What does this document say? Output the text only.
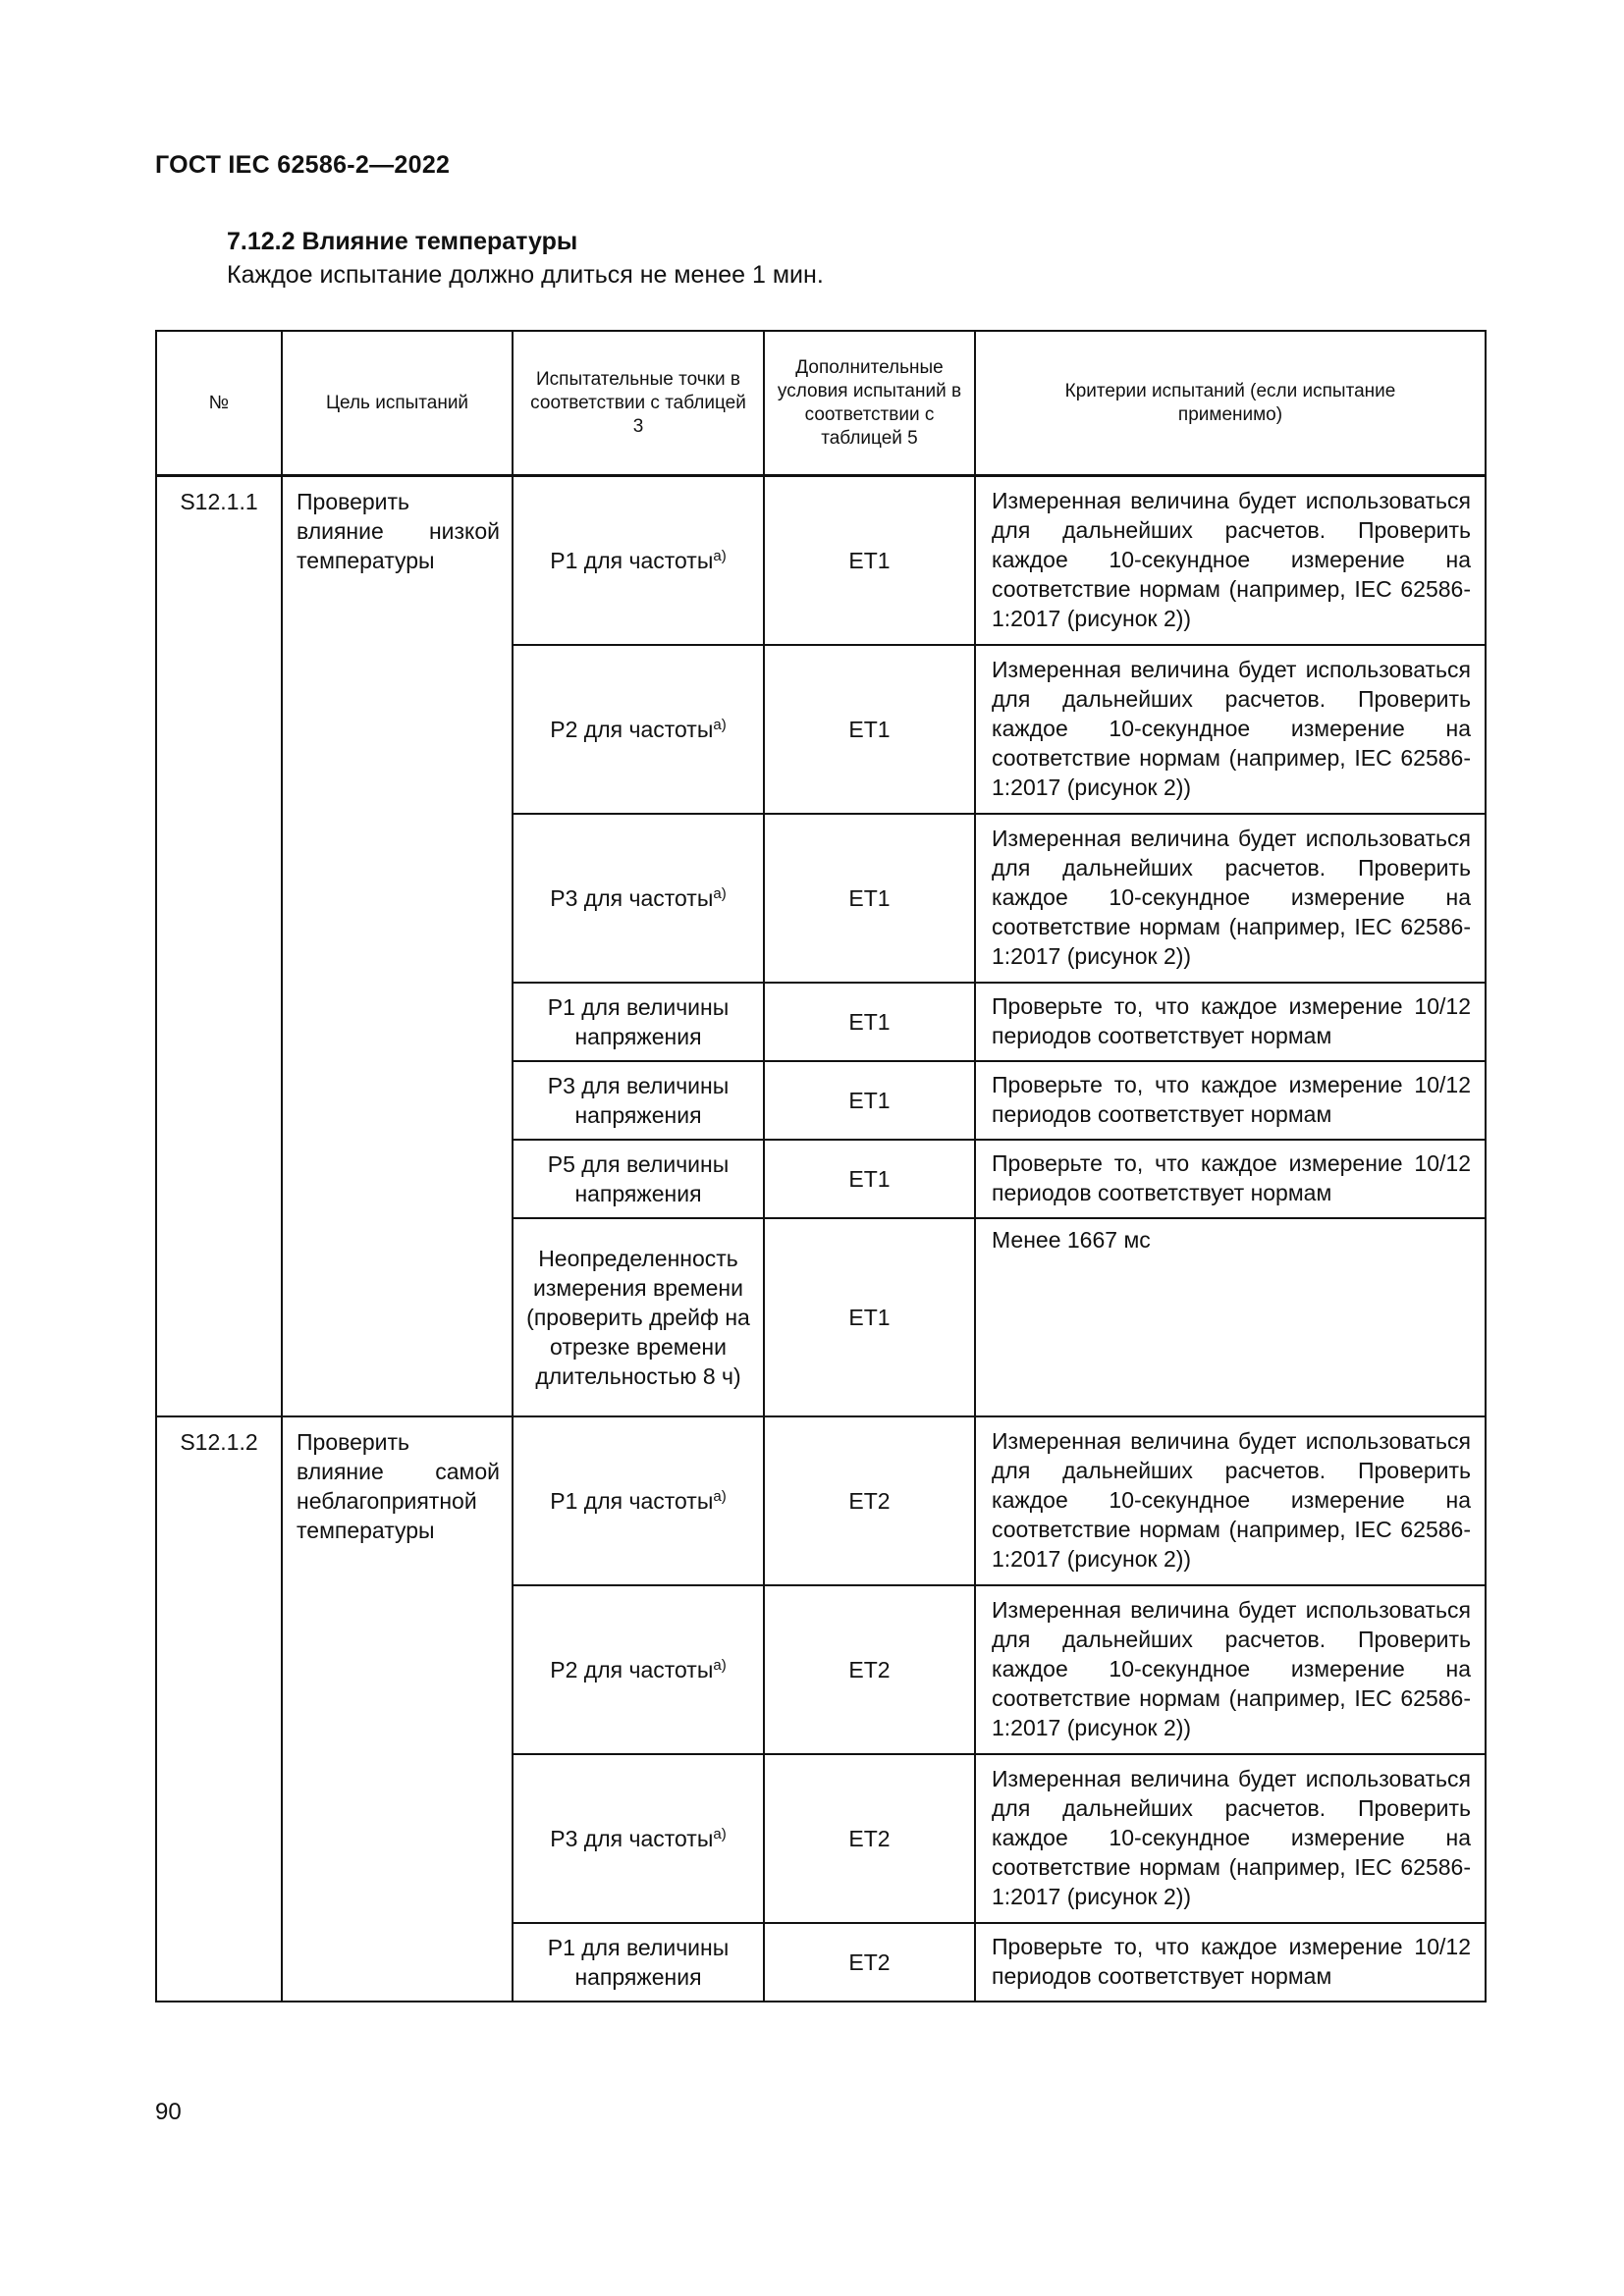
ГОСТ IEC 62586-2—2022
7.12.2 Влияние температуры
Каждое испытание должно длиться не менее 1 мин.
№	Цель испытаний	Испытательные точки в соответствии с таблицей 3	Дополнительные условия испытаний в соответствии с таблицей 5	Критерии испытаний (если испытание применимо)
S12.1.1	Проверить влияние низкой температуры	P1 для частоты$^{а)}$	ET1	Измеренная величина будет использоваться для дальнейших расчетов. Проверить каждое 10-секундное измерение на соответствие нормам (например, IEC 62586-1:2017 (рисунок 2))
		P2 для частоты$^{а)}$	ET1	Измеренная величина будет использоваться для дальнейших расчетов. Проверить каждое 10-секундное измерение на соответствие нормам (например, IEC 62586-1:2017 (рисунок 2))
		P3 для частоты$^{а)}$	ET1	Измеренная величина будет использоваться для дальнейших расчетов. Проверить каждое 10-секундное измерение на соответствие нормам (например, IEC 62586-1:2017 (рисунок 2))
		P1 для величины напряжения	ET1	Проверьте то, что каждое измерение 10/12 периодов соответствует нормам
		P3 для величины напряжения	ET1	Проверьте то, что каждое измерение 10/12 периодов соответствует нормам
		P5 для величины напряжения	ET1	Проверьте то, что каждое измерение 10/12 периодов соответствует нормам
		Неопределенность измерения времени (проверить дрейф на отрезке времени длительностью 8 ч)	ET1	Менее 1667 мс
S12.1.2	Проверить влияние самой неблагоприятной температуры	P1 для частоты$^{а)}$	ET2	Измеренная величина будет использоваться для дальнейших расчетов. Проверить каждое 10-секундное измерение на соответствие нормам (например, IEC 62586-1:2017 (рисунок 2))
		P2 для частоты$^{а)}$	ET2	Измеренная величина будет использоваться для дальнейших расчетов. Проверить каждое 10-секундное измерение на соответствие нормам (например, IEC 62586-1:2017 (рисунок 2))
		P3 для частоты$^{а)}$	ET2	Измеренная величина будет использоваться для дальнейших расчетов. Проверить каждое 10-секундное измерение на соответствие нормам (например, IEC 62586-1:2017 (рисунок 2))
		P1 для величины напряжения	ET2	Проверьте то, что каждое измерение 10/12 периодов соответствует нормам
90
